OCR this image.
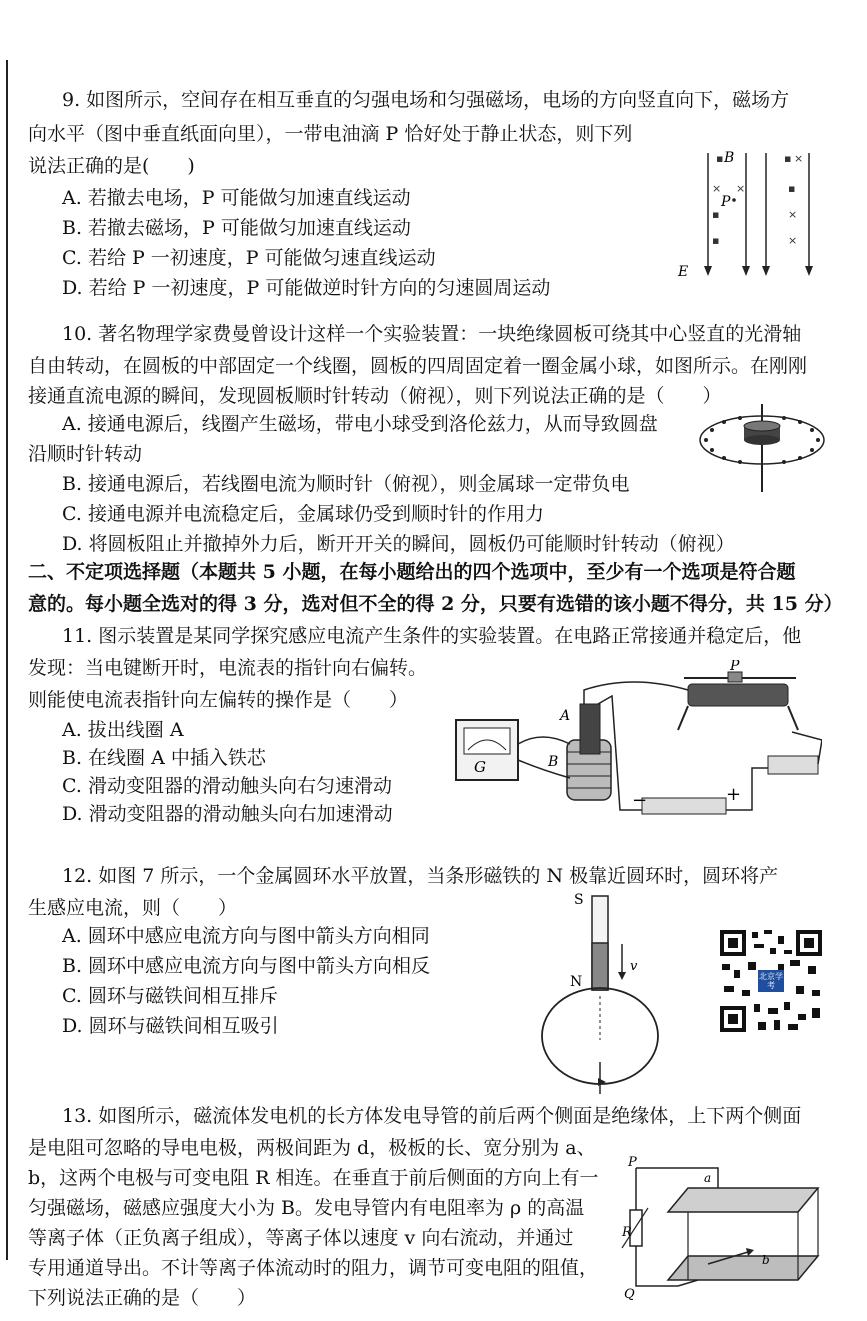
9. 如图所示，空间存在相互垂直的匀强电场和匀强磁场，电场的方向竖直向下，磁场方
向水平（图中垂直纸面向里），一带电油滴 P 恰好处于静止状态，则下列
说法正确的是(　　)
A. 若撤去电场，P 可能做匀加速直线运动
B. 若撤去磁场，P 可能做匀加速直线运动
C. 若给 P 一初速度，P 可能做匀速直线运动
D. 若给 P 一初速度，P 可能做逆时针方向的匀速圆周运动
▪	▪ ×
× ×	▪
▪	×
▪	×
B
P
E
10. 著名物理学家费曼曾设计这样一个实验装置：一块绝缘圆板可绕其中心竖直的光滑轴
自由转动，在圆板的中部固定一个线圈，圆板的四周固定着一圈金属小球，如图所示。在刚刚
接通直流电源的瞬间，发现圆板顺时针转动（俯视），则下列说法正确的是（　　）
A. 接通电源后，线圈产生磁场，带电小球受到洛伦兹力，从而导致圆盘
沿顺时针转动
B. 接通电源后，若线圈电流为顺时针（俯视），则金属球一定带负电
C. 接通电源并电流稳定后，金属球仍受到顺时针的作用力
D. 将圆板阻止并撤掉外力后，断开开关的瞬间，圆板仍可能顺时针转动（俯视）
二、不定项选择题（本题共 5 小题，在每小题给出的四个选项中，至少有一个选项是符合题
意的。每小题全选对的得 3 分，选对但不全的得 2 分，只要有选错的该小题不得分，共 15 分）
11. 图示装置是某同学探究感应电流产生条件的实验装置。在电路正常接通并稳定后，他
发现：当电键断开时，电流表的指针向右偏转。
则能使电流表指针向左偏转的操作是（　　）
A. 拔出线圈 A
B. 在线圈 A 中插入铁芯
C. 滑动变阻器的滑动触头向右匀速滑动
D. 滑动变阻器的滑动触头向右加速滑动
G
A
B
P
−	+
12. 如图 7 所示，一个金属圆环水平放置，当条形磁铁的 N 极靠近圆环时，圆环将产
生感应电流，则（　　）
A. 圆环中感应电流方向与图中箭头方向相同
B. 圆环中感应电流方向与图中箭头方向相反
C. 圆环与磁铁间相互排斥
D. 圆环与磁铁间相互吸引
S
N
v
北京学考
13. 如图所示，磁流体发电机的长方体发电导管的前后两个侧面是绝缘体，上下两个侧面
是电阻可忽略的导电电极，两极间距为 d，极板的长、宽分别为 a、
b，这两个电极与可变电阻 R 相连。在垂直于前后侧面的方向上有一
匀强磁场，磁感应强度大小为 B。发电导管内有电阻率为 ρ 的高温
等离子体（正负离子组成），等离子体以速度 v 向右流动，并通过
专用通道导出。不计等离子体流动时的阻力，调节可变电阻的阻值，
下列说法正确的是（　　）
P
Q
R
a
b
